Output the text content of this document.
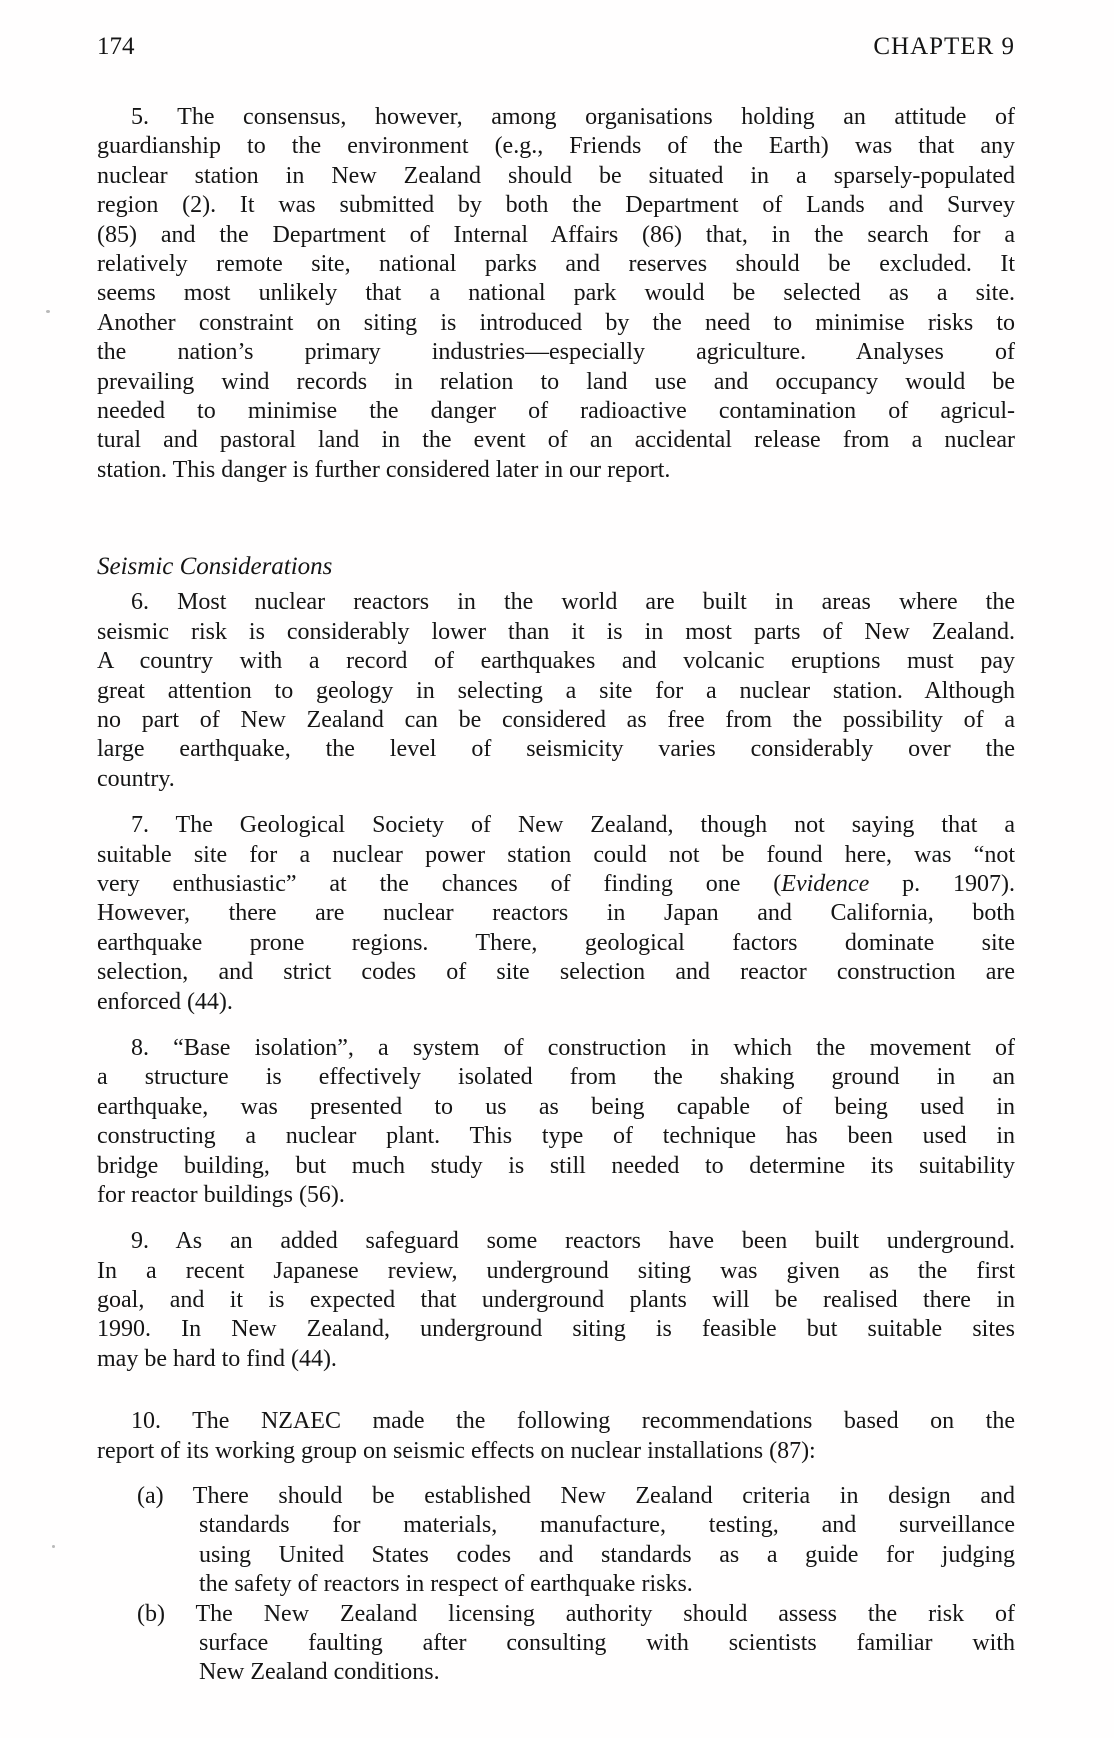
174	CHAPTER 9
5. The consensus, however, among organisations holding an attitude of
guardianship to the environment (e.g., Friends of the Earth) was that any
nuclear station in New Zealand should be situated in a sparsely-populated
region (2). It was submitted by both the Department of Lands and Survey
(85) and the Department of Internal Affairs (86) that, in the search for a
relatively remote site, national parks and reserves should be excluded. It
seems most unlikely that a national park would be selected as a site.
Another constraint on siting is introduced by the need to minimise risks to
the nation’s primary industries—especially agriculture. Analyses of
prevailing wind records in relation to land use and occupancy would be
needed to minimise the danger of radioactive contamination of agricul-
tural and pastoral land in the event of an accidental release from a nuclear
station. This danger is further considered later in our report.
Seismic Considerations
6. Most nuclear reactors in the world are built in areas where the
seismic risk is considerably lower than it is in most parts of New Zealand.
A country with a record of earthquakes and volcanic eruptions must pay
great attention to geology in selecting a site for a nuclear station. Although
no part of New Zealand can be considered as free from the possibility of a
large earthquake, the level of seismicity varies considerably over the
country.
7. The Geological Society of New Zealand, though not saying that a
suitable site for a nuclear power station could not be found here, was “not
very enthusiastic” at the chances of finding one (Evidence p. 1907).
However, there are nuclear reactors in Japan and California, both
earthquake prone regions. There, geological factors dominate site
selection, and strict codes of site selection and reactor construction are
enforced (44).
8. “Base isolation”, a system of construction in which the movement of
a structure is effectively isolated from the shaking ground in an
earthquake, was presented to us as being capable of being used in
constructing a nuclear plant. This type of technique has been used in
bridge building, but much study is still needed to determine its suitability
for reactor buildings (56).
9. As an added safeguard some reactors have been built underground.
In a recent Japanese review, underground siting was given as the first
goal, and it is expected that underground plants will be realised there in
1990. In New Zealand, underground siting is feasible but suitable sites
may be hard to find (44).
10. The NZAEC made the following recommendations based on the
report of its working group on seismic effects on nuclear installations (87):
(a) There should be established New Zealand criteria in design and
standards for materials, manufacture, testing, and surveillance
using United States codes and standards as a guide for judging
the safety of reactors in respect of earthquake risks.
(b) The New Zealand licensing authority should assess the risk of
surface faulting after consulting with scientists familiar with
New Zealand conditions.
